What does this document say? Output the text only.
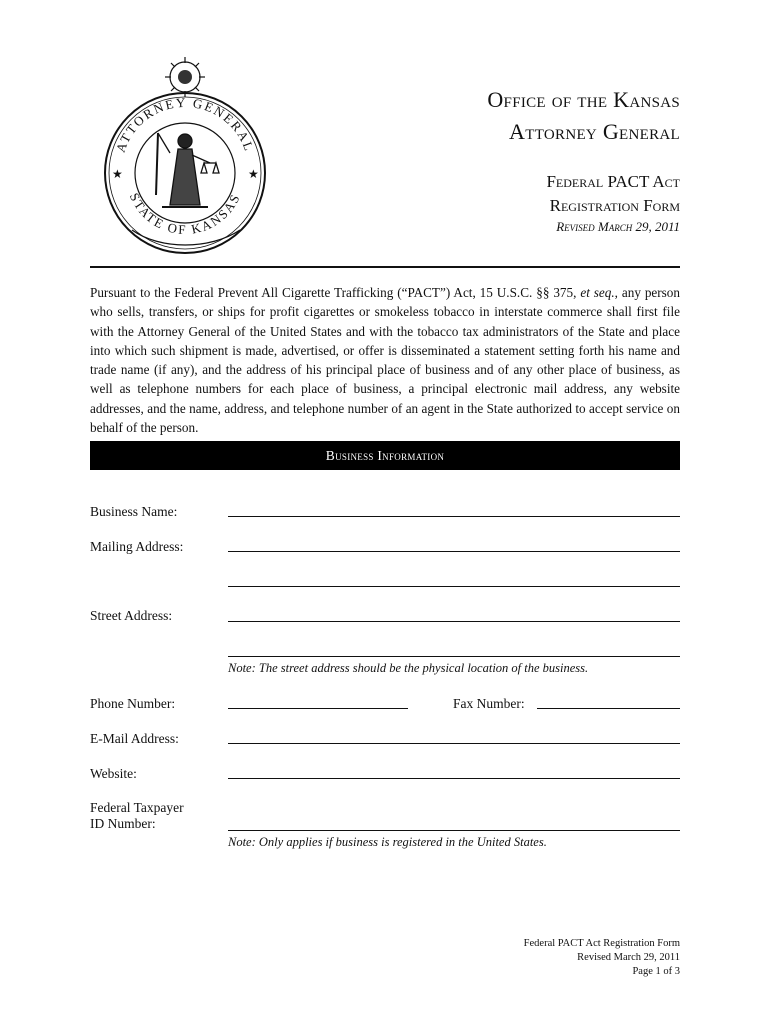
ATTORNEY GENERAL
STATE OF KANSAS
★	★
Office of the Kansas
Attorney General
Federal PACT Act
Registration Form
Revised March 29, 2011
Pursuant to the Federal Prevent All Cigarette Trafficking (“PACT”) Act, 15 U.S.C. §§ 375, et seq., any person who sells, transfers, or ships for profit cigarettes or smokeless tobacco in interstate commerce shall first file with the Attorney General of the United States and with the tobacco tax administrators of the State and place into which such shipment is made, advertised, or offer is disseminated a statement setting forth his name and trade name (if any), and the address of his principal place of business and of any other place of business, as well as telephone numbers for each place of business, a principal electronic mail address, any website addresses, and the name, address, and telephone number of an agent in the State authorized to accept service on behalf of the person.
Business Information
Business Name:
Mailing Address:
Street Address:
Note: The street address should be the physical location of the business.
Phone Number:	Fax Number:
E-Mail Address:
Website:
Federal Taxpayer
ID Number:
Note: Only applies if business is registered in the United States.
Federal PACT Act Registration Form
Revised March 29, 2011
Page 1 of 3
